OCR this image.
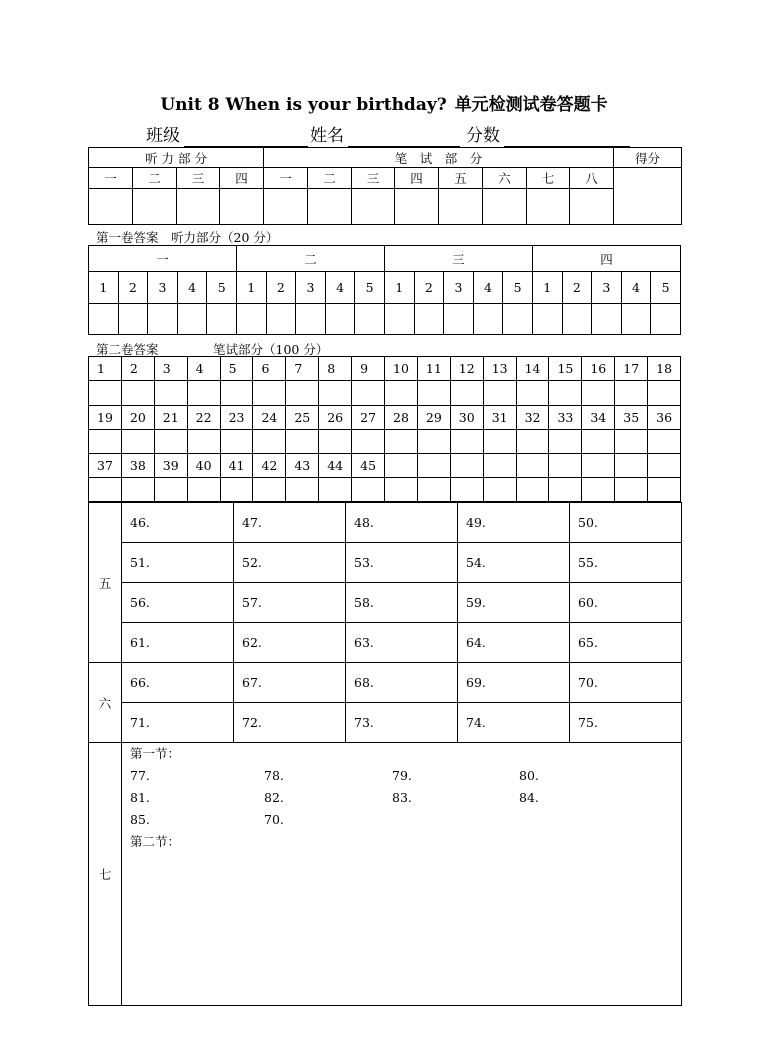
Unit 8 When is your birthday? 单元检测试卷答题卡
班级	姓名	分数
听 力 部 分				笔　试　部　分								得分
一	二	三	四	一	二	三	四	五	六	七	八	

第一卷答案　听力部分（20 分）
一					二					三					四				
1	2	3	4	5	1	2	3	4	5	1	2	3	4	5	1	2	3	4	5

第二卷答案	笔试部分（100 分）
1	2	3	4	5	6	7	8	9	10	11	12	13	14	15	16	17	18

19	20	21	22	23	24	25	26	27	28	29	30	31	32	33	34	35	36

37	38	39	40	41	42	43	44	45									

五	46.	47.	48.	49.	50.
	51.	52.	53.	54.	55.
	56.	57.	58.	59.	60.
	61.	62.	63.	64.	65.
六	66.	67.	68.	69.	70.
	71.	72.	73.	74.	75.
七	
第一节：
77.	78.	79.	80.
81.	82.	83.	84.
85.	70.
第二节：
